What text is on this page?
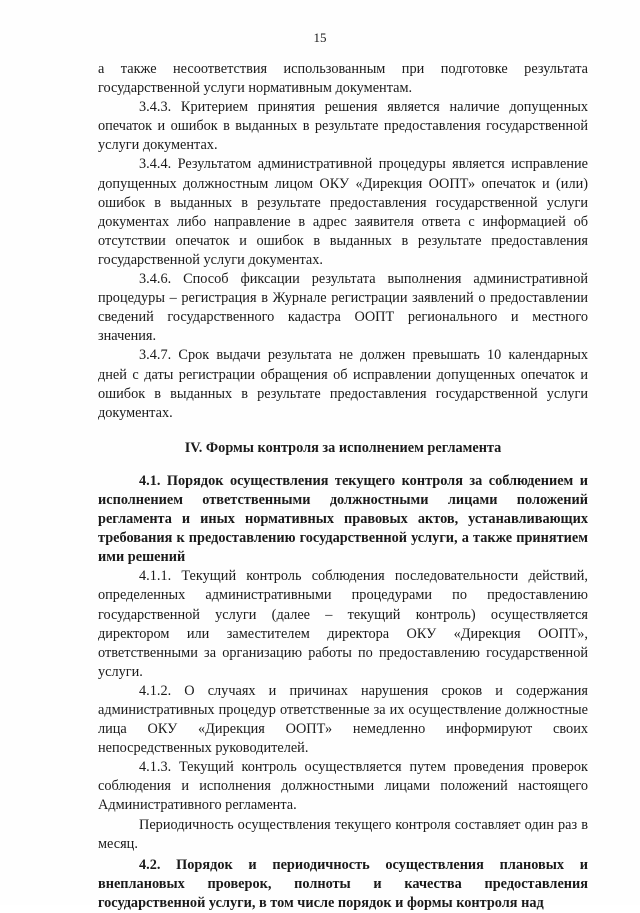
15

а также несоответствия использованным при подготовке результата государственной услуги нормативным документам.

3.4.3. Критерием принятия решения является наличие допущенных опечаток и ошибок в выданных в результате предоставления государственной услуги документах.

3.4.4. Результатом административной процедуры является исправление допущенных должностным лицом ОКУ «Дирекция ООПТ» опечаток и (или) ошибок в выданных в результате предоставления государственной услуги документах либо направление в адрес заявителя ответа с информацией об отсутствии опечаток и ошибок в выданных в результате предоставления государственной услуги документах.

3.4.6. Способ фиксации результата выполнения административной процедуры – регистрация в Журнале регистрации заявлений о предоставлении сведений государственного кадастра ООПТ регионального и местного значения.

3.4.7. Срок выдачи результата не должен превышать 10 календарных дней с даты регистрации обращения об исправлении допущенных опечаток и ошибок в выданных в результате предоставления государственной услуги документах.

IV. Формы контроля за исполнением регламента

4.1. Порядок осуществления текущего контроля за соблюдением и исполнением ответственными должностными лицами положений регламента и иных нормативных правовых актов, устанавливающих требования к предоставлению государственной услуги, а также принятием ими решений

4.1.1. Текущий контроль соблюдения последовательности действий, определенных административными процедурами по предоставлению государственной услуги (далее – текущий контроль) осуществляется директором или заместителем директора ОКУ «Дирекция ООПТ», ответственными за организацию работы по предоставлению государственной услуги.

4.1.2. О случаях и причинах нарушения сроков и содержания административных процедур ответственные за их осуществление должностные лица ОКУ «Дирекция ООПТ» немедленно информируют своих непосредственных руководителей.

4.1.3. Текущий контроль осуществляется путем проведения проверок соблюдения и исполнения должностными лицами положений настоящего Административного регламента.

Периодичность осуществления текущего контроля составляет один раз в месяц.

4.2. Порядок и периодичность осуществления плановых и внеплановых проверок, полноты и качества предоставления государственной услуги, в том числе порядок и формы контроля над
